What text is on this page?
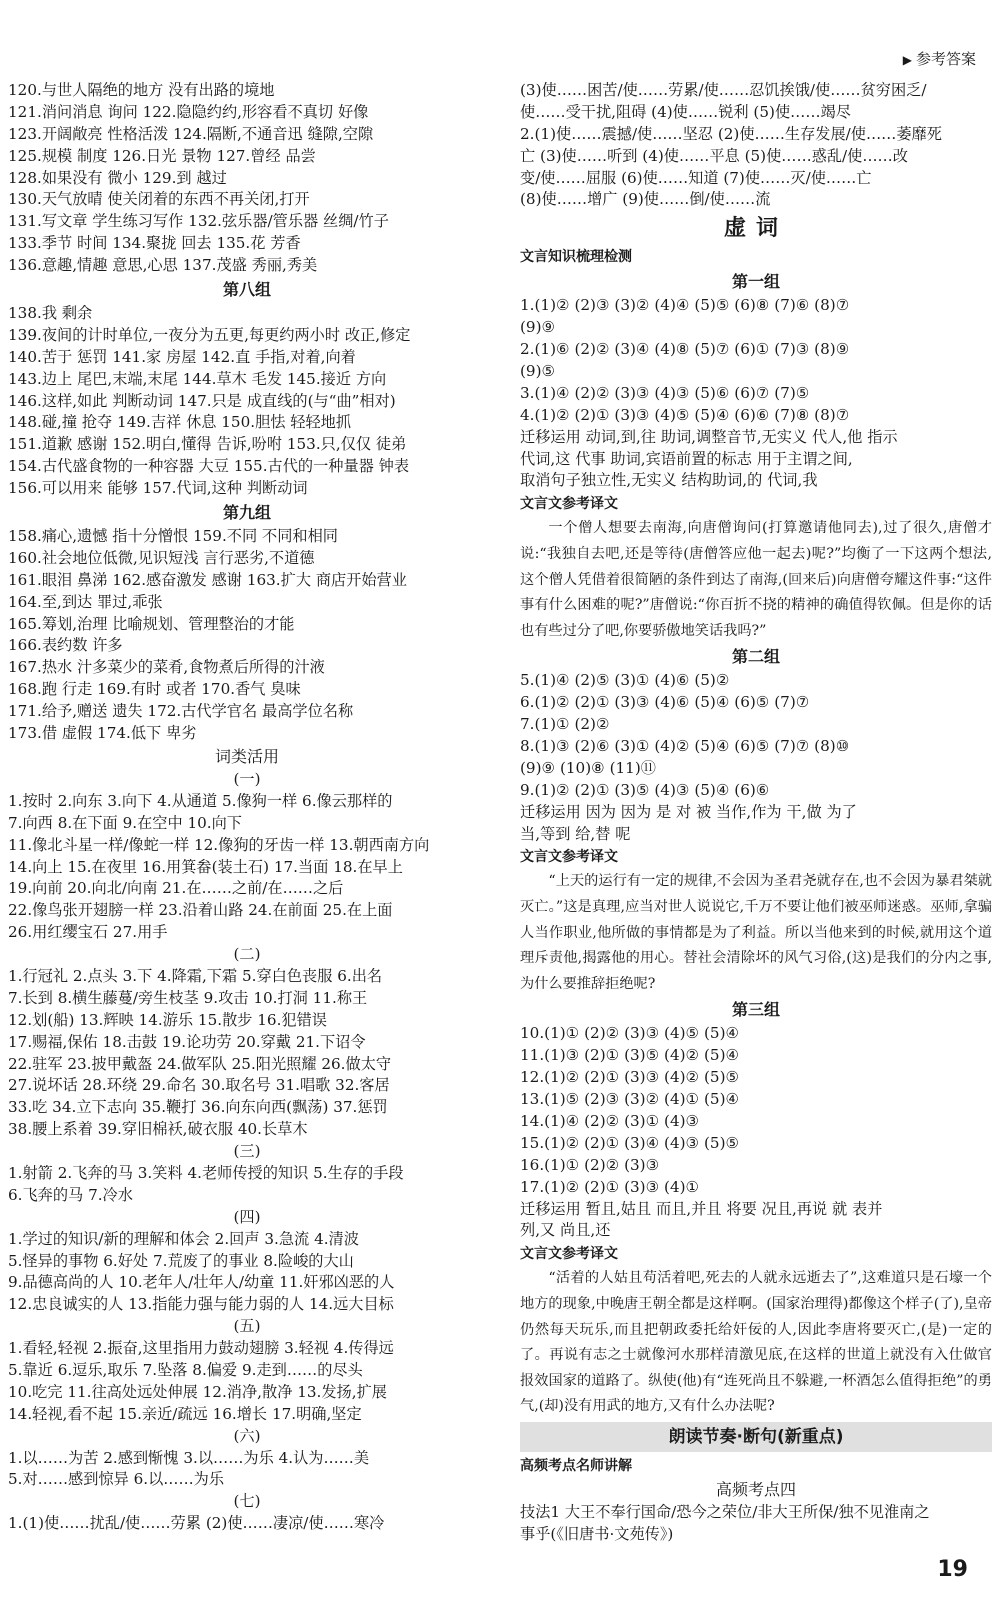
▶ 参考答案
120.与世人隔绝的地方 没有出路的境地
121.消问消息 询问 122.隐隐约约,形容看不真切 好像
123.开阔敞亮 性格活泼 124.隔断,不通音迅 缝隙,空隙
125.规模 制度 126.日光 景物 127.曾经 品尝
128.如果没有 微小 129.到 越过
130.天气放晴 使关闭着的东西不再关闭,打开
131.写文章 学生练习写作 132.弦乐器/管乐器 丝绸/竹子
133.季节 时间 134.聚拢 回去 135.花 芳香
136.意趣,情趣 意思,心思 137.茂盛 秀丽,秀美
第八组
138.我 剩余
139.夜间的计时单位,一夜分为五更,每更约两小时 改正,修定
140.苦于 惩罚 141.家 房屋 142.直 手指,对着,向着
143.边上 尾巴,末端,末尾 144.草木 毛发 145.接近 方向
146.这样,如此 判断动词 147.只是 成直线的(与“曲”相对)
148.碰,撞 抢夺 149.吉祥 休息 150.胆怯 轻轻地抓
151.道歉 感谢 152.明白,懂得 告诉,吩咐 153.只,仅仅 徒弟
154.古代盛食物的一种容器 大豆 155.古代的一种量器 钟表
156.可以用来 能够 157.代词,这种 判断动词
第九组
158.痛心,遗憾 指十分憎恨 159.不同 不同和相同
160.社会地位低微,见识短浅 言行恶劣,不道德
161.眼泪 鼻涕 162.感奋激发 感谢 163.扩大 商店开始营业
164.至,到达 罪过,乖张
165.筹划,治理 比喻规划、管理整治的才能
166.表约数 许多
167.热水 汁多菜少的菜肴,食物煮后所得的汁液
168.跑 行走 169.有时 或者 170.香气 臭味
171.给予,赠送 遗失 172.古代学官名 最高学位名称
173.借 虚假 174.低下 卑劣
词类活用
(一)
1.按时 2.向东 3.向下 4.从通道 5.像狗一样 6.像云那样的
7.向西 8.在下面 9.在空中 10.向下
11.像北斗星一样/像蛇一样 12.像狗的牙齿一样 13.朝西南方向
14.向上 15.在夜里 16.用箕畚(装土石) 17.当面 18.在早上
19.向前 20.向北/向南 21.在……之前/在……之后
22.像鸟张开翅膀一样 23.沿着山路 24.在前面 25.在上面
26.用红缨宝石 27.用手
(二)
1.行冠礼 2.点头 3.下 4.降霜,下霜 5.穿白色丧服 6.出名
7.长到 8.横生藤蔓/旁生枝茎 9.攻击 10.打洞 11.称王
12.划(船) 13.辉映 14.游乐 15.散步 16.犯错误
17.赐福,保佑 18.击鼓 19.论功劳 20.穿戴 21.下诏令
22.驻军 23.披甲戴盔 24.做军队 25.阳光照耀 26.做太守
27.说坏话 28.环绕 29.命名 30.取名号 31.唱歌 32.客居
33.吃 34.立下志向 35.鞭打 36.向东向西(飘荡) 37.惩罚
38.腰上系着 39.穿旧棉袄,破衣服 40.长草木
(三)
1.射箭 2.飞奔的马 3.笑料 4.老师传授的知识 5.生存的手段
6.飞奔的马 7.冷水
(四)
1.学过的知识/新的理解和体会 2.回声 3.急流 4.清波
5.怪异的事物 6.好处 7.荒废了的事业 8.险峻的大山
9.品德高尚的人 10.老年人/壮年人/幼童 11.奸邪凶恶的人
12.忠良诚实的人 13.指能力强与能力弱的人 14.远大目标
(五)
1.看轻,轻视 2.振奋,这里指用力鼓动翅膀 3.轻视 4.传得远
5.靠近 6.逗乐,取乐 7.坠落 8.偏爱 9.走到……的尽头
10.吃完 11.往高处远处伸展 12.消净,散净 13.发扬,扩展
14.轻视,看不起 15.亲近/疏远 16.增长 17.明确,坚定
(六)
1.以……为苦 2.感到惭愧 3.以……为乐 4.认为……美
5.对……感到惊异 6.以……为乐
(七)
1.(1)使……扰乱/使……劳累 (2)使……凄凉/使……寒冷
(3)使……困苦/使……劳累/使……忍饥挨饿/使……贫穷困乏/
使……受干扰,阻碍 (4)使……锐利 (5)使……竭尽
2.(1)使……震撼/使……坚忍 (2)使……生存发展/使……萎靡死
亡 (3)使……听到 (4)使……平息 (5)使……惑乱/使……改
变/使……屈服 (6)使……知道 (7)使……灭/使……亡
(8)使……增广 (9)使……倒/使……流
虚词
文言知识梳理检测
第一组
1.(1)② (2)③ (3)② (4)④ (5)⑤ (6)⑧ (7)⑥ (8)⑦
(9)⑨
2.(1)⑥ (2)② (3)④ (4)⑧ (5)⑦ (6)① (7)③ (8)⑨
(9)⑤
3.(1)④ (2)② (3)③ (4)③ (5)⑥ (6)⑦ (7)⑤
4.(1)② (2)① (3)③ (4)⑤ (5)④ (6)⑥ (7)⑧ (8)⑦
迁移运用 动词,到,往 助词,调整音节,无实义 代人,他 指示
代词,这 代事 助词,宾语前置的标志 用于主谓之间,
取消句子独立性,无实义 结构助词,的 代词,我
文言文参考译文

一个僧人想要去南海,向唐僧询问(打算邀请他同去),过了很久,唐僧才说:“我独自去吧,还是等待(唐僧答应他一起去)呢?”均衡了一下这两个想法,这个僧人凭借着很简陋的条件到达了南海,(回来后)向唐僧夸耀这件事:“这件事有什么困难的呢?”唐僧说:“你百折不挠的精神的确值得钦佩。但是你的话也有些过分了吧,你要骄傲地笑话我吗?”

第二组
5.(1)④ (2)⑤ (3)① (4)⑥ (5)②
6.(1)② (2)① (3)③ (4)⑥ (5)④ (6)⑤ (7)⑦
7.(1)① (2)②
8.(1)③ (2)⑥ (3)① (4)② (5)④ (6)⑤ (7)⑦ (8)⑩
(9)⑨ (10)⑧ (11)⑪
9.(1)② (2)① (3)⑤ (4)③ (5)④ (6)⑥
迁移运用 因为 因为 是 对 被 当作,作为 干,做 为了
当,等到 给,替 呢
文言文参考译文

“上天的运行有一定的规律,不会因为圣君尧就存在,也不会因为暴君桀就灭亡。”这是真理,应当对世人说说它,千万不要让他们被巫师迷惑。巫师,拿骗人当作职业,他所做的事情都是为了利益。所以当他来到的时候,就用这个道理斥责他,揭露他的用心。替社会清除坏的风气习俗,(这)是我们的分内之事,为什么要推辞拒绝呢?

第三组
10.(1)① (2)② (3)③ (4)⑤ (5)④
11.(1)③ (2)① (3)⑤ (4)② (5)④
12.(1)② (2)① (3)③ (4)② (5)⑤
13.(1)⑤ (2)③ (3)② (4)① (5)④
14.(1)④ (2)② (3)① (4)③
15.(1)② (2)① (3)④ (4)③ (5)⑤
16.(1)① (2)② (3)③
17.(1)② (2)① (3)③ (4)①
迁移运用 暂且,姑且 而且,并且 将要 况且,再说 就 表并
列,又 尚且,还
文言文参考译文

“活着的人姑且苟活着吧,死去的人就永远逝去了”,这难道只是石壕一个地方的现象,中晚唐王朝全都是这样啊。(国家治理得)都像这个样子(了),皇帝仍然每天玩乐,而且把朝政委托给奸佞的人,因此李唐将要灭亡,(是)一定的了。再说有志之士就像河水那样清激见底,在这样的世道上就没有入仕做官报效国家的道路了。纵使(他)有“连死尚且不躲避,一杯酒怎么值得拒绝”的勇气,(却)没有用武的地方,又有什么办法呢?

朗读节奏·断句(新重点)
高频考点名师讲解
高频考点四
技法1 大王不奉行国命/恐今之荣位/非大王所保/独不见淮南之
事乎(《旧唐书·文苑传》)
19
